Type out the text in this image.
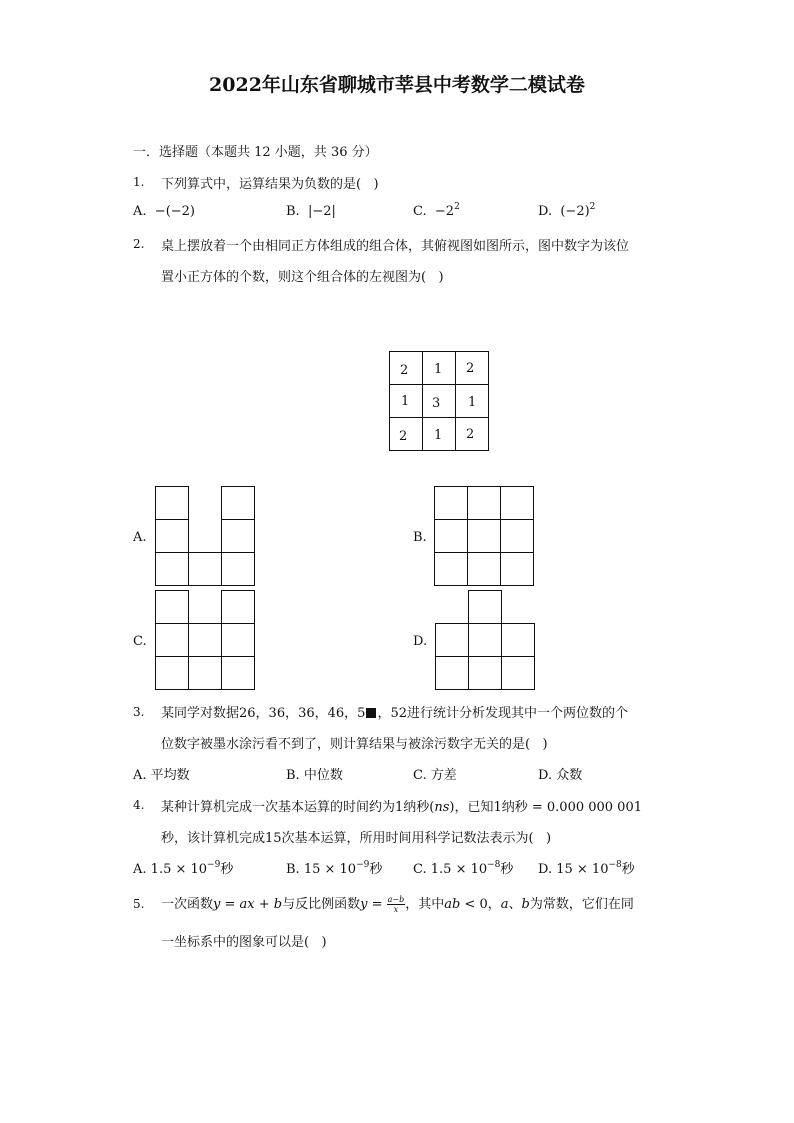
2022年山东省聊城市莘县中考数学二模试卷
一．选择题（本题共 12 小题，共 36 分）
1. 下列算式中，运算结果为负数的是(   )
A. −(−2)	B. |−2|	C. $-2^2$	D. $(-2)^2$
2. 桌上摆放着一个由相同正方体组成的组合体，其俯视图如图所示，图中数字为该位
置小正方体的个数，则这个组合体的左视图为(   )
2 1 2
1 3 1
2 1 2
A.	B.
C.	D.
3. 某同学对数据26，36，36，46，5 ，52进行统计分析发现其中一个两位数的个
位数字被墨水涂污看不到了，则计算结果与被涂污数字无关的是(   )
A. 平均数	B. 中位数	C. 方差	D. 众数
4. 某种计算机完成一次基本运算的时间约为1纳秒(ns)，已知1纳秒 = 0.000 000 001
秒，该计算机完成15次基本运算，所用时间用科学记数法表示为(   )
A. $1.5 \times 10^{-9}$秒	B. $15 \times 10^{-9}$秒 C. $1.5 \times 10^{-8}$秒 D. $15 \times 10^{-8}$秒
5. 一次函数y = ax + b与反比例函数$y = \frac{a-b}{x}$ ，其中ab < 0，a、b为常数，它们在同
一坐标系中的图象可以是(   )
